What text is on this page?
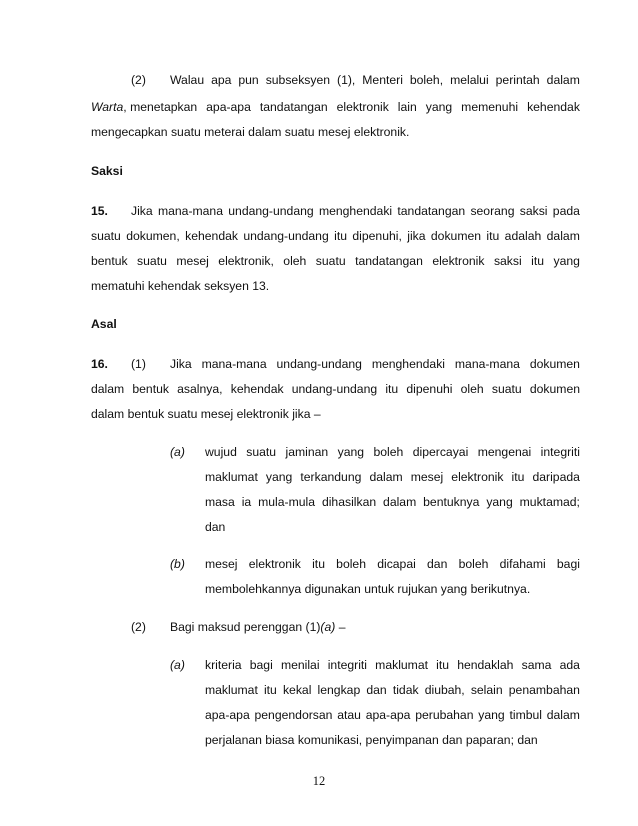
(2) Walau apa pun subseksyen (1), Menteri boleh, melalui perintah dalam
Warta, menetapkan apa-apa tandatangan elektronik lain yang memenuhi kehendak
mengecapkan suatu meterai dalam suatu mesej elektronik.
Saksi
15. Jika mana-mana undang-undang menghendaki tandatangan seorang saksi pada
suatu dokumen, kehendak undang-undang itu dipenuhi, jika dokumen itu adalah dalam
bentuk suatu mesej elektronik, oleh suatu tandatangan elektronik saksi itu yang
mematuhi kehendak seksyen 13.
Asal
16. (1) Jika mana-mana undang-undang menghendaki mana-mana dokumen
dalam bentuk asalnya, kehendak undang-undang itu dipenuhi oleh suatu dokumen
dalam bentuk suatu mesej elektronik jika –
(a) wujud suatu jaminan yang boleh dipercayai mengenai integriti
maklumat yang terkandung dalam mesej elektronik itu daripada
masa ia mula-mula dihasilkan dalam bentuknya yang muktamad;
dan
(b) mesej elektronik itu boleh dicapai dan boleh difahami bagi
membolehkannya digunakan untuk rujukan yang berikutnya.
(2) Bagi maksud perenggan (1)(a) –
(a) kriteria bagi menilai integriti maklumat itu hendaklah sama ada
maklumat itu kekal lengkap dan tidak diubah, selain penambahan
apa-apa pengendorsan atau apa-apa perubahan yang timbul dalam
perjalanan biasa komunikasi, penyimpanan dan paparan; dan
12
